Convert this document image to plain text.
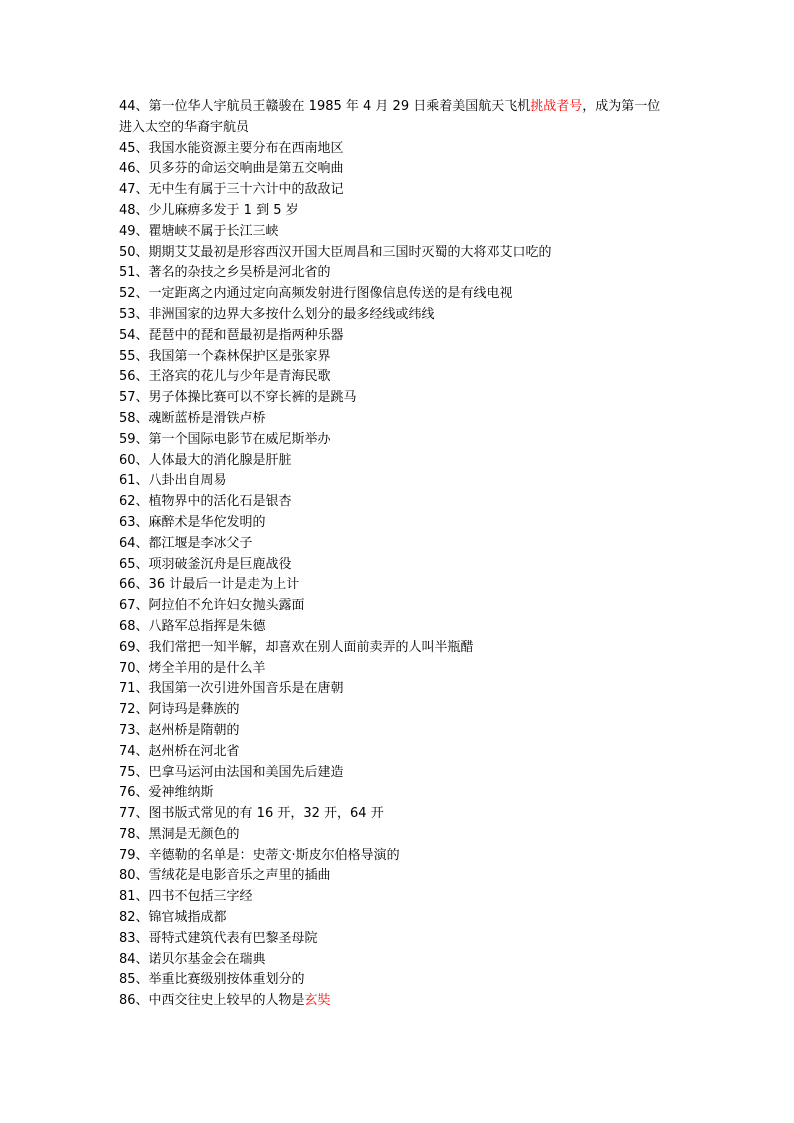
44、第一位华人宇航员王赣骏在 1985 年 4 月 29 日乘着美国航天飞机挑战者号，成为第一位
进入太空的华裔宇航员
45、我国水能资源主要分布在西南地区
46、贝多芬的命运交响曲是第五交响曲
47、无中生有属于三十六计中的敌敌记
48、少儿麻痹多发于 1 到 5 岁
49、瞿塘峡不属于长江三峡
50、期期艾艾最初是形容西汉开国大臣周昌和三国时灭蜀的大将邓艾口吃的
51、著名的杂技之乡吴桥是河北省的
52、一定距离之内通过定向高频发射进行图像信息传送的是有线电视
53、非洲国家的边界大多按什么划分的最多经线或纬线
54、琵琶中的琵和琶最初是指两种乐器
55、我国第一个森林保护区是张家界
56、王洛宾的花儿与少年是青海民歌
57、男子体操比赛可以不穿长裤的是跳马
58、魂断蓝桥是滑铁卢桥
59、第一个国际电影节在威尼斯举办
60、人体最大的消化腺是肝脏
61、八卦出自周易
62、植物界中的活化石是银杏
63、麻醉术是华佗发明的
64、都江堰是李冰父子
65、项羽破釜沉舟是巨鹿战役
66、36 计最后一计是走为上计
67、阿拉伯不允许妇女抛头露面
68、八路军总指挥是朱德
69、我们常把一知半解，却喜欢在别人面前卖弄的人叫半瓶醋
70、烤全羊用的是什么羊
71、我国第一次引进外国音乐是在唐朝
72、阿诗玛是彝族的
73、赵州桥是隋朝的
74、赵州桥在河北省
75、巴拿马运河由法国和美国先后建造
76、爱神维纳斯
77、图书版式常见的有 16 开，32 开，64 开
78、黑洞是无颜色的
79、辛德勒的名单是：史蒂文·斯皮尔伯格导演的
80、雪绒花是电影音乐之声里的插曲
81、四书不包括三字经
82、锦官城指成都
83、哥特式建筑代表有巴黎圣母院
84、诺贝尔基金会在瑞典
85、举重比赛级别按体重划分的
86、中西交往史上较早的人物是玄奘
